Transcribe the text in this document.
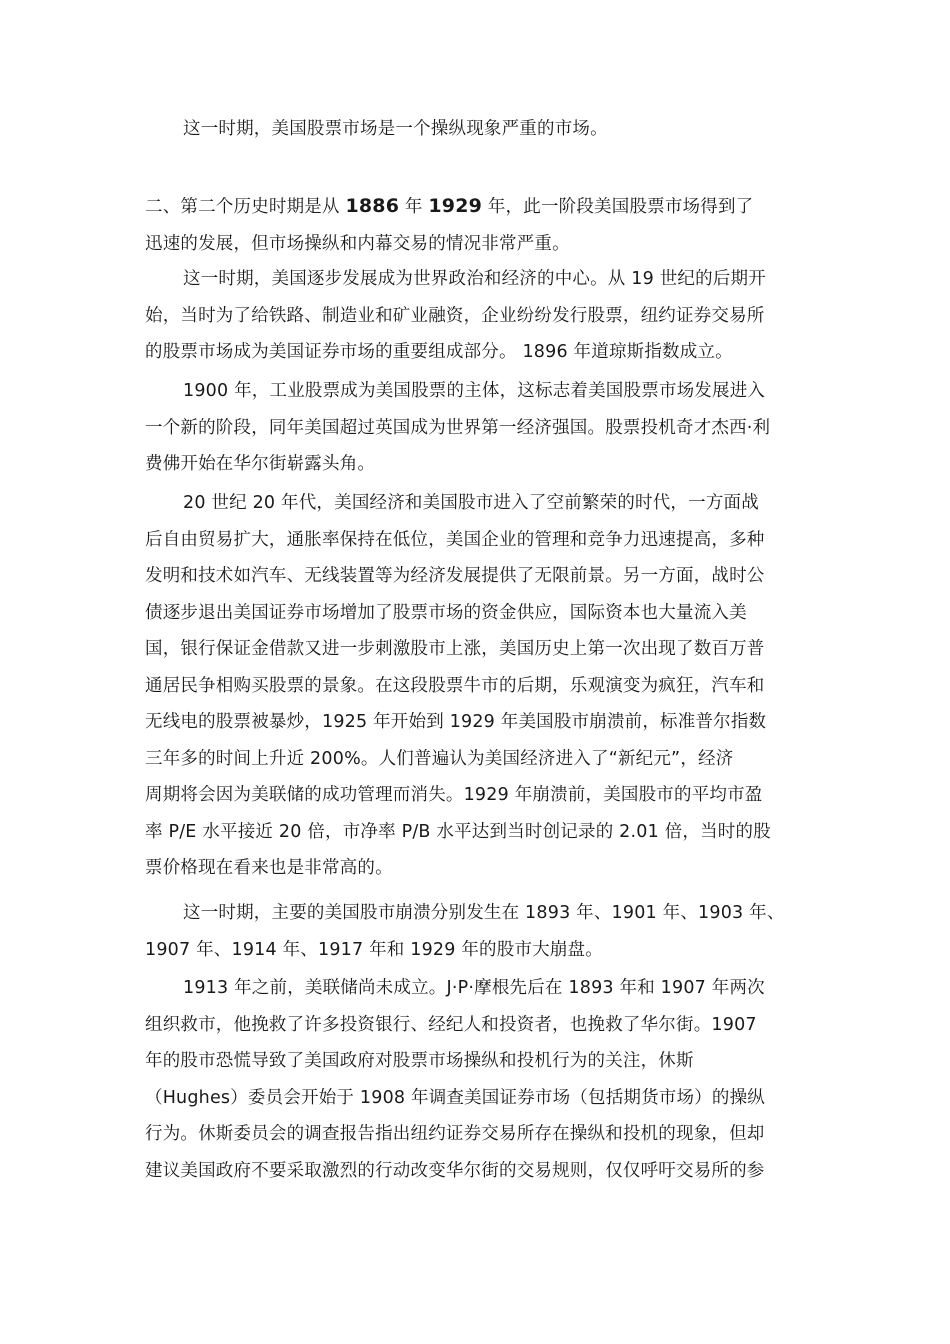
这一时期，美国股票市场是一个操纵现象严重的市场。

二、第二个历史时期是从 1886 年 1929 年，此一阶段美国股票市场得到了
迅速的发展，但市场操纵和内幕交易的情况非常严重。

这一时期，美国逐步发展成为世界政治和经济的中心。从 19 世纪的后期开
始，当时为了给铁路、制造业和矿业融资，企业纷纷发行股票，纽约证券交易所
的股票市场成为美国证券市场的重要组成部分。 1896 年道琼斯指数成立。

1900 年，工业股票成为美国股票的主体，这标志着美国股票市场发展进入
一个新的阶段，同年美国超过英国成为世界第一经济强国。股票投机奇才杰西·利
费佛开始在华尔街崭露头角。

20 世纪 20 年代，美国经济和美国股市进入了空前繁荣的时代，一方面战
后自由贸易扩大，通胀率保持在低位，美国企业的管理和竞争力迅速提高，多种
发明和技术如汽车、无线装置等为经济发展提供了无限前景。另一方面，战时公
债逐步退出美国证券市场增加了股票市场的资金供应，国际资本也大量流入美
国，银行保证金借款又进一步刺激股市上涨，美国历史上第一次出现了数百万普
通居民争相购买股票的景象。在这段股票牛市的后期，乐观演变为疯狂，汽车和
无线电的股票被暴炒，1925 年开始到 1929 年美国股市崩溃前，标准普尔指数
三年多的时间上升近 200%。人们普遍认为美国经济进入了“新纪元”，经济
周期将会因为美联储的成功管理而消失。1929 年崩溃前，美国股市的平均市盈
率 P/E 水平接近 20 倍，市净率 P/B 水平达到当时创记录的 2.01 倍，当时的股
票价格现在看来也是非常高的。

这一时期，主要的美国股市崩溃分别发生在 1893 年、1901 年、1903 年、
1907 年、1914 年、1917 年和 1929 年的股市大崩盘。

1913 年之前，美联储尚未成立。J·P·摩根先后在 1893 年和 1907 年两次
组织救市，他挽救了许多投资银行、经纪人和投资者，也挽救了华尔街。1907
年的股市恐慌导致了美国政府对股票市场操纵和投机行为的关注，休斯
（Hughes）委员会开始于 1908 年调查美国证券市场（包括期货市场）的操纵
行为。休斯委员会的调查报告指出纽约证券交易所存在操纵和投机的现象，但却
建议美国政府不要采取激烈的行动改变华尔街的交易规则，仅仅呼吁交易所的参
